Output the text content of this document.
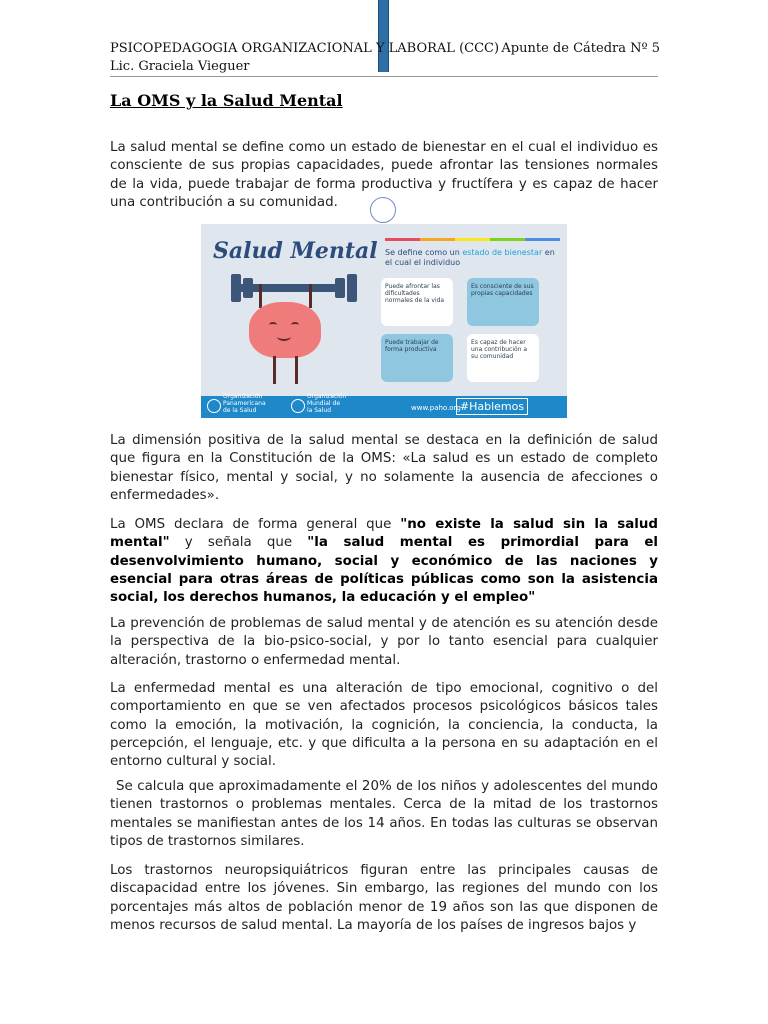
PSICOPEDAGOGIA ORGANIZACIONAL Y LABORAL (CCC) Apunte de Cátedra Nº 5
Lic. Graciela Vieguer
La OMS y la Salud Mental
La salud mental se define como un estado de bienestar en el cual el individuo es consciente de sus propias capacidades, puede afrontar las tensiones normales de la vida, puede trabajar de forma productiva y fructífera y es capaz de hacer una contribución a su comunidad.
Salud Mental Se define como un estado de bienestar en el cual el individuo
Puede afrontar las dificultades normales de la vida
Es consciente de sus propias capacidades
Puede trabajar de forma productiva
Es capaz de hacer una contribución a su comunidad
Organización Panamericana de la Salud
Organización Mundial de la Salud	www.paho.org #Hablemos
La dimensión positiva de la salud mental se destaca en la definición de salud que figura en la Constitución de la OMS: «La salud es un estado de completo bienestar físico, mental y social, y no solamente la ausencia de afecciones o enfermedades».
La OMS declara de forma general que "no existe la salud sin la salud mental" y señala que "la salud mental es primordial para el desenvolvimiento humano, social y económico de las naciones y esencial para otras áreas de políticas públicas como son la asistencia social, los derechos humanos, la educación y el empleo"
La prevención de problemas de salud mental y de atención es su atención desde la perspectiva de la bio-psico-social, y por lo tanto esencial para cualquier alteración, trastorno o enfermedad mental.
La enfermedad mental es una alteración de tipo emocional, cognitivo o del comportamiento en que se ven afectados procesos psicológicos básicos tales como la emoción, la motivación, la cognición, la conciencia, la conducta, la percepción, el lenguaje, etc. y que dificulta a la persona en su adaptación en el entorno cultural y social.
Se calcula que aproximadamente el 20% de los niños y adolescentes del mundo tienen trastornos o problemas mentales. Cerca de la mitad de los trastornos mentales se manifiestan antes de los 14 años. En todas las culturas se observan tipos de trastornos similares.
Los trastornos neuropsiquiátricos figuran entre las principales causas de discapacidad entre los jóvenes. Sin embargo, las regiones del mundo con los porcentajes más altos de población menor de 19 años son las que disponen de menos recursos de salud mental. La mayoría de los países de ingresos bajos y
